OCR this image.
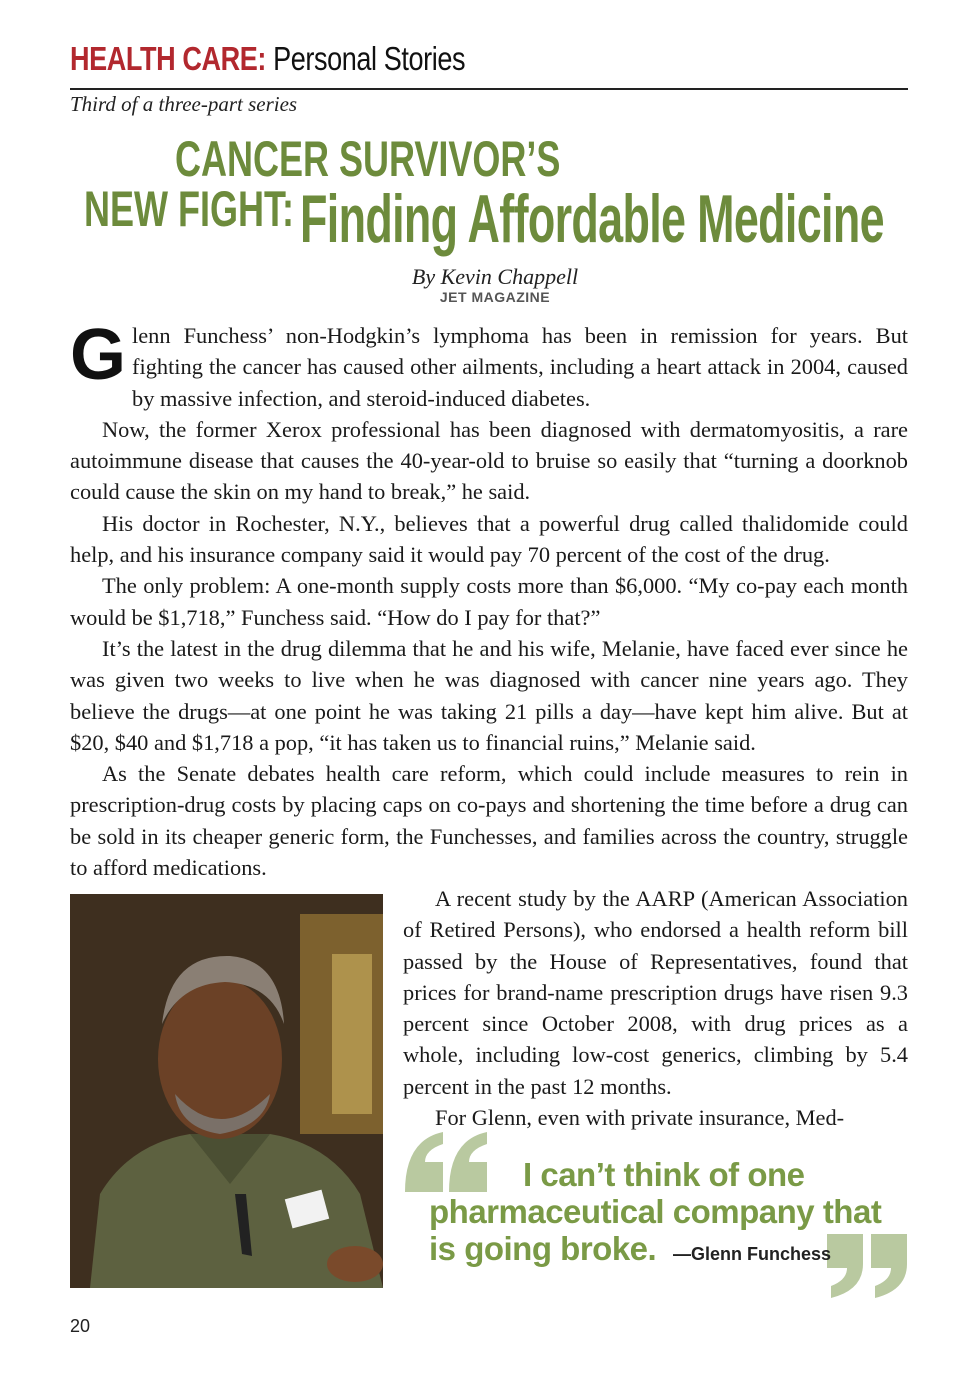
HEALTH CARE: Personal Stories
Third of a three-part series
CANCER SURVIVOR’S
NEW FIGHT: Finding Affordable Medicine
By Kevin Chappell
JET MAGAZINE

Glenn Funchess’ non-Hodgkin’s lymphoma has been in remission for years. But fighting the cancer has caused other ailments, including a heart attack in 2004, caused by massive infection, and steroid-induced diabetes.

Now, the former Xerox professional has been diagnosed with dermatomyositis, a rare autoimmune disease that causes the 40-year-old to bruise so easily that “turning a doorknob could cause the skin on my hand to break,” he said.

His doctor in Rochester, N.Y., believes that a powerful drug called thalidomide could help, and his insurance company said it would pay 70 percent of the cost of the drug.

The only problem: A one-month supply costs more than $6,000. “My co-pay each month would be $1,718,” Funchess said. “How do I pay for that?”

It’s the latest in the drug dilemma that he and his wife, Melanie, have faced ever since he was given two weeks to live when he was diagnosed with cancer nine years ago. They believe the drugs—at one point he was taking 21 pills a day—have kept him alive. But at $20, $40 and $1,718 a pop, “it has taken us to financial ruins,” Melanie said.

As the Senate debates health care reform, which could include measures to rein in prescription-drug costs by placing caps on co-pays and shortening the time before a drug can be sold in its cheaper generic form, the Funchesses, and families across the country, struggle to afford medications.

A recent study by the AARP (American Association of Retired Persons), who endorsed a health reform bill passed by the House of Representatives, found that prices for brand-name prescription drugs have risen 9.3 percent since October 2008, with drug prices as a whole, including low-cost generics, climbing by 5.4 percent in the past 12 months.

For Glenn, even with private insurance, Med-

I can’t think of one
pharmaceutical company that
is going broke. —Glenn Funchess
20
